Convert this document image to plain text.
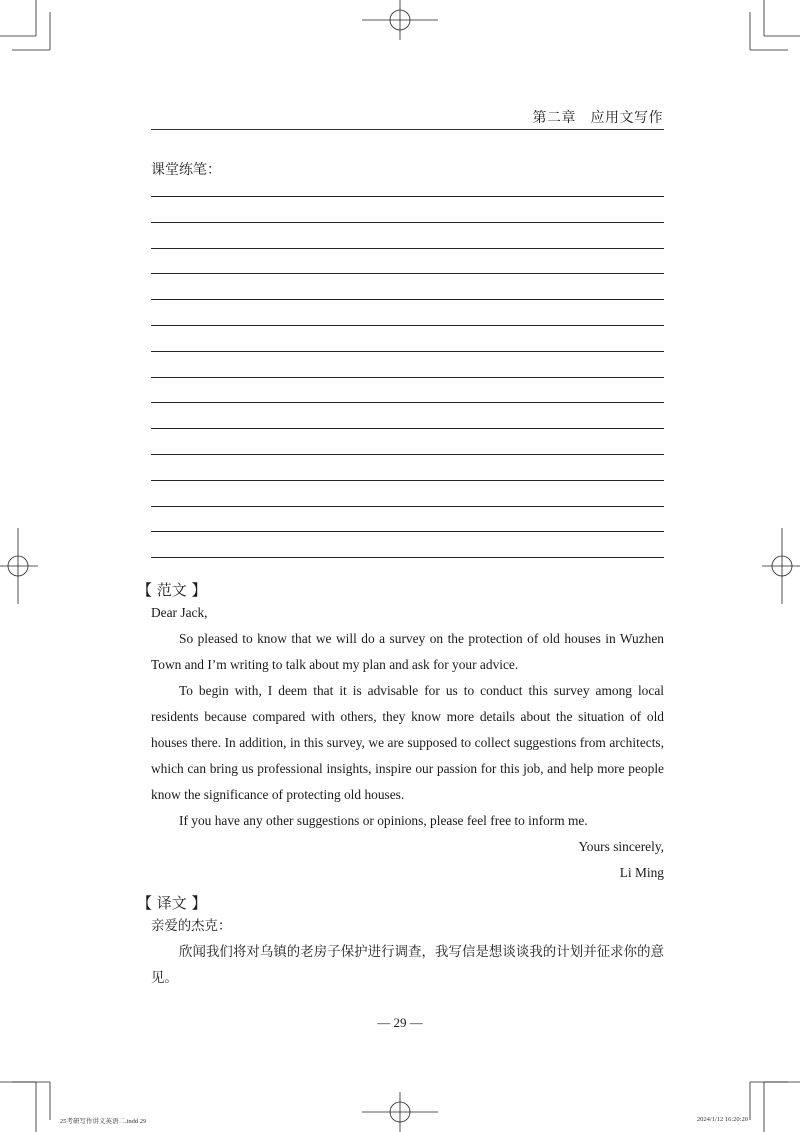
第二章　应用文写作
课堂练笔：
【 范文 】

Dear Jack,

So pleased to know that we will do a survey on the protection of old houses in Wuzhen Town and I’m writing to talk about my plan and ask for your advice.

To begin with, I deem that it is advisable for us to conduct this survey among local residents because compared with others, they know more details about the situation of old houses there. In addition, in this survey, we are supposed to collect suggestions from architects, which can bring us professional insights, inspire our passion for this job, and help more people know the significance of protecting old houses.

If you have any other suggestions or opinions, please feel free to inform me.

Yours sincerely,

Li Ming

【 译文 】

亲爱的杰克：

欣闻我们将对乌镇的老房子保护进行调查，我写信是想谈谈我的计划并征求你的意见。

— 29 —
25考研写作讲义英语二.indd 29	2024/1/12 16:20:20
